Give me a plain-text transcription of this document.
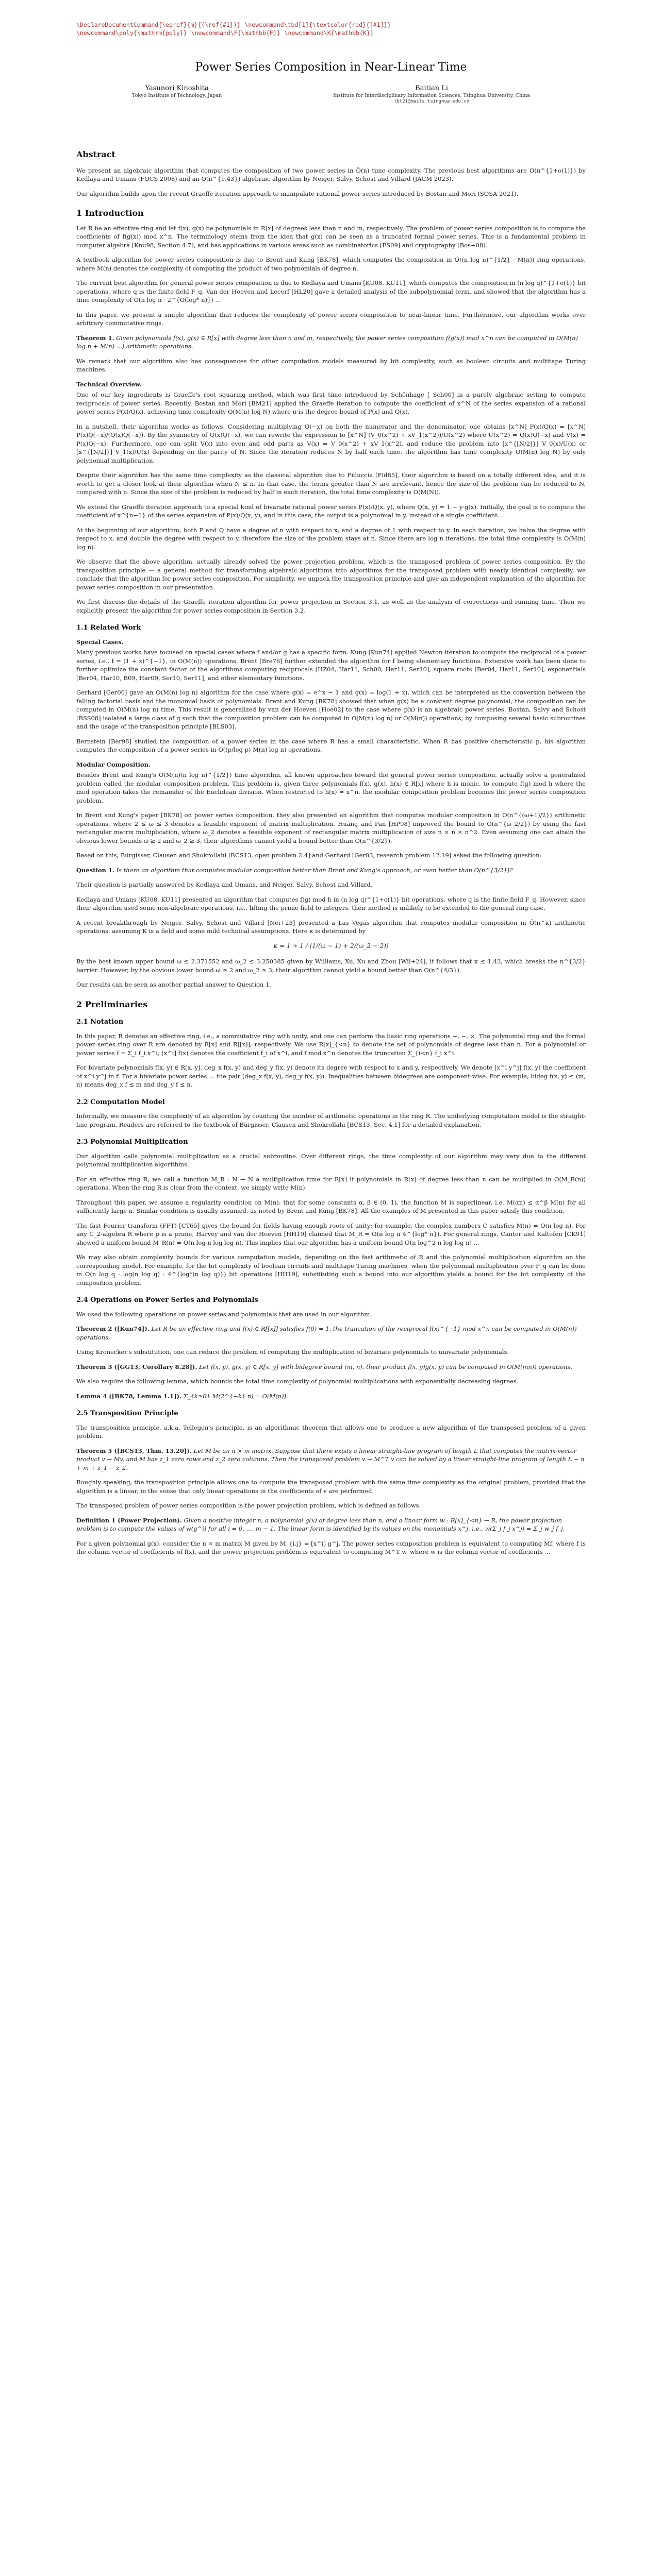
\DeclareDocumentCommand{\eqref}{m}{(\ref{#1})} \newcommand\tbd[1]{\textcolor{red}{[#1]}} \newcommand\poly{\mathrm{poly}} \newcommand\F{\mathbb{F}} \newcommand\K{\mathbb{K}}
Power Series Composition in Near-Linear Time
Yasunori Kinoshita
Tokyo Institute of Technology, Japan
Baitian Li
Institute for Interdisciplinary Information Sciences, Tsinghua University, China
lbt21@mails.tsinghua.edu.cn
Abstract

We present an algebraic algorithm that computes the composition of two power series in Õ(n) time complexity. The previous best algorithms are O(n^{1+o(1)}) by Kedlaya and Umans (FOCS 2008) and an O(n^{1.43}) algebraic algorithm by Neiger, Salvy, Schost and Villard (JACM 2023).

Our algorithm builds upon the recent Graeffe iteration approach to manipulate rational power series introduced by Bostan and Mori (SOSA 2021).

1 Introduction

Let R be an effective ring and let f(x), g(x) be polynomials in R[x] of degrees less than n and m, respectively. The problem of power series composition is to compute the coefficients of f(g(x)) mod x^n. The terminology stems from the idea that g(x) can be seen as a truncated formal power series. This is a fundamental problem in computer algebra [Knu98, Section 4.7], and has applications in various areas such as combinatorics [FS09] and cryptography [Bos+08].

A textbook algorithm for power series composition is due to Brent and Kung [BK78], which computes the composition in O((n log n)^{1/2} · M(n)) ring operations, where M(n) denotes the complexity of computing the product of two polynomials of degree n.

The current best algorithm for general power series composition is due to Kedlaya and Umans [KU08, KU11], which computes the composition in (n log q)^{1+o(1)} bit operations, where q is the finite field F_q. Van der Hoeven and Lecerf [HL20] gave a detailed analysis of the subpolynomial term, and showed that the algorithm has a time complexity of O(n log n · 2^{O(log* n)}) ...

In this paper, we present a simple algorithm that reduces the complexity of power series composition to near-linear time. Furthermore, our algorithm works over arbitrary commutative rings.

Theorem 1. Given polynomials f(x), g(x) ∈ R[x] with degree less than n and m, respectively, the power series composition f(g(x)) mod x^n can be computed in O(M(n) log n + M(n) ...) arithmetic operations.

We remark that our algorithm also has consequences for other computation models measured by bit complexity, such as boolean circuits and multitape Turing machines.

Technical Overview.

One of our key ingredients is Graeffe's root squaring method, which was first time introduced by Schönhage [ Sch00] in a purely algebraic setting to compute reciprocals of power series. Recently, Bostan and Mori [BM21] applied the Graeffe iteration to compute the coefficient of x^N of the series expansion of a rational power series P(x)/Q(x), achieving time complexity O(M(n) log N) where n is the degree bound of P(x) and Q(x).

In a nutshell, their algorithm works as follows. Considering multiplying Q(−x) on both the numerator and the denominator, one obtains [x^N] P(x)/Q(x) = [x^N] P(x)Q(−x)/(Q(x)Q(−x)). By the symmetry of Q(x)Q(−x), we can rewrite the expression to [x^N] (V_0(x^2) + xV_1(x^2))/U(x^2) where U(x^2) = Q(x)Q(−x) and V(x) = P(x)Q(−x). Furthermore, one can split V(x) into even and odd parts as V(x) = V_0(x^2) + xV_1(x^2), and reduce the problem into [x^{⌊N/2⌋}] V_0(x)/U(x) or [x^{⌊N/2⌋}] V_1(x)/U(x) depending on the parity of N. Since the iteration reduces N by half each time, the algorithm has time complexity O(M(n) log N) by only polynomial multiplication.

Despite their algorithm has the same time complexity as the classical algorithm due to Fiduccia [Fid85], their algorithm is based on a totally different idea, and it is worth to get a closer look at their algorithm when N ≤ n. In that case, the terms greater than N are irrelevant, hence the size of the problem can be reduced to N, compared with n. Since the size of the problem is reduced by half in each iteration, the total time complexity is O(M(N)).

We extend the Graeffe iteration approach to a special kind of bivariate rational power series P(x)/Q(x, y), where Q(x, y) = 1 − y·g(x). Initially, the goal is to compute the coefficient of x^{n−1} of the series expansion of P(x)/Q(x, y), and in this case, the output is a polynomial in y, instead of a single coefficient.

At the beginning of our algorithm, both P and Q have a degree of n with respect to x, and a degree of 1 with respect to y. In each iteration, we halve the degree with respect to x, and double the degree with respect to y, therefore the size of the problem stays at n. Since there are log n iterations, the total time complexity is O(M(n) log n).

We observe that the above algorithm, actually already solved the power projection problem, which is the transposed problem of power series composition. By the transposition principle — a general method for transforming algebraic algorithms into algorithms for the transposed problem with nearly identical complexity, we conclude that the algorithm for power series composition. For simplicity, we unpack the transposition principle and give an independent explanation of the algorithm for power series composition in our presentation.

We first discuss the details of the Graeffe iteration algorithm for power projection in Section 3.1, as well as the analysis of correctness and running time. Then we explicitly present the algorithm for power series composition in Section 3.2.

1.1 Related Work

Special Cases.

Many previous works have focused on special cases where f and/or g has a specific form. Kung [Kun74] applied Newton iteration to compute the reciprocal of a power series, i.e., f = (1 + x)^{−1}, in O(M(n)) operations. Brent [Bre76] further extended the algorithm for f being elementary functions. Extensive work has been done to further optimize the constant factor of the algorithms computing reciprocals [HZ04, Har11, Sch00, Har11, Ser10], square roots [Ber04, Har11, Ser10], exponentials [Ber04, Har10, B09, Har09, Ser10, Ser11], and other elementary functions.

Gerhard [Ger00] gave an O(M(n) log n) algorithm for the case where g(x) = e^x − 1 and g(x) = log(1 + x), which can be interpreted as the conversion between the falling factorial basis and the monomial basis of polynomials. Brent and Kung [BK78] showed that when g(x) be a constant degree polynomial, the composition can be computed in O(M(n) log n) time. This result is generalized by van der Hoeven [Hoe02] to the case where g(x) is an algebraic power series. Bostan, Salvy and Schost [BSS08] isolated a large class of g such that the composition problem can be computed in O(M(n) log n) or O(M(n)) operations, by composing several basic subroutines and the usage of the transposition principle [BLS03].

Bernstein [Ber98] studied the composition of a power series in the case where R has a small characteristic. When R has positive characteristic p, his algorithm computes the composition of a power series in O((p/log p) M(n) log n) operations.

Modular Composition.

Besides Brent and Kung's O(M(n)(n log n)^{1/2}) time algorithm, all known approaches toward the general power series composition, actually solve a generalized problem called the modular composition problem. This problem is, given three polynomials f(x), g(x), h(x) ∈ R[x] where h is monic, to compute f(g) mod h where the mod operation takes the remainder of the Euclidean division. When restricted to h(x) = x^n, the modular composition problem becomes the power series composition problem.

In Brent and Kung's paper [BK78] on power series composition, they also presented an algorithm that computes modular composition in O(n^{(ω+1)/2}) arithmetic operations, where 2 ≤ ω ≤ 3 denotes a feasible exponent of matrix multiplication. Huang and Pan [HP98] improved the bound to O(n^{ω_2/2}) by using the fast rectangular matrix multiplication, where ω_2 denotes a feasible exponent of rectangular matrix multiplication of size n × n × n^2. Even assuming one can attain the obvious lower bounds ω ≥ 2 and ω_2 ≥ 3, their algorithms cannot yield a bound better than O(n^{3/2}).

Based on this, Bürgisser, Clausen and Shokrollahi [BCS13, open problem 2.4] and Gerhard [Ger03, research problem 12.19] asked the following question:

Question 1. Is there an algorithm that computes modular composition better than Brent and Kung's approach, or even better than O(n^{3/2})?

Their question is partially answered by Kedlaya and Umans, and Neiger, Salvy, Schost and Villard.

Kedlaya and Umans [KU08, KU11] presented an algorithm that computes f(g) mod h in (n log q)^{1+o(1)} bit operations, where q is the finite field F_q. However, since their algorithm used some non-algebraic operations, i.e., lifting the prime field to integers, their method is unlikely to be extended to the general ring case.

A recent breakthrough by Neiger, Salvy, Schost and Villard [Nei+23] presented a Las Vegas algorithm that computes modular composition in Õ(n^κ) arithmetic operations, assuming K is a field and some mild technical assumptions. Here κ is determined by

κ = 1 + 1 / (1/(ω − 1) + 2/(ω_2 − 2))

By the best known upper bound ω ≤ 2.371552 and ω_2 ≤ 3.250385 given by Williams, Xu, Xu and Zhou [Wil+24], it follows that κ ≤ 1.43, which breaks the n^{3/2} barrier. However, by the obvious lower bound ω ≥ 2 and ω_2 ≥ 3, their algorithm cannot yield a bound better than O(n^{4/3}).

Our results can be seen as another partial answer to Question 1.

2 Preliminaries
2.1 Notation

In this paper, R denotes an effective ring, i.e., a commutative ring with unity, and one can perform the basic ring operations +, −, ×. The polynomial ring and the formal power series ring over R are denoted by R[x] and R[[x]], respectively. We use R[x]_{<n} to denote the set of polynomials of degree less than n. For a polynomial or power series f = Σ_i f_i x^i, [x^i] f(x) denotes the coefficient f_i of x^i, and f mod x^n denotes the truncation Σ_{i<n} f_i x^i.

For bivariate polynomials f(x, y) ∈ R[x, y], deg_x f(x, y) and deg_y f(x, y) denote its degree with respect to x and y, respectively. We denote [x^i y^j] f(x, y) the coefficient of x^i y^j in f. For a bivariate power series ... the pair (deg_x f(x, y), deg_y f(x, y)). Inequalities between bidegrees are component-wise. For example, bideg f(x, y) ≤ (m, n) means deg_x f ≤ m and deg_y f ≤ n.

2.2 Computation Model

Informally, we measure the complexity of an algorithm by counting the number of arithmetic operations in the ring R. The underlying computation model is the straight-line program. Readers are referred to the textbook of Bürgisser, Clausen and Shokrollahi [BCS13, Sec. 4.1] for a detailed explanation.

2.3 Polynomial Multiplication

Our algorithm calls polynomial multiplication as a crucial subroutine. Over different rings, the time complexity of our algorithm may vary due to the different polynomial multiplication algorithms.

For an effective ring R, we call a function M_R : N → N a multiplication time for R[x] if polynomials in R[x] of degree less than n can be multiplied in O(M_R(n)) operations. When the ring R is clear from the context, we simply write M(n).

Throughout this paper, we assume a regularity condition on M(n): that for some constants α, β ∈ (0, 1), the function M is superlinear, i.e. M(αn) ≤ α^β M(n) for all sufficiently large n. Similar condition is usually assumed, as noted by Brent and Kung [BK78]. All the examples of M presented in this paper satisfy this condition.

The fast Fourier transform (FFT) [CT65] gives the bound for fields having enough roots of unity; for example, the complex numbers C satisfies M(n) = O(n log n). For any C_2-algebra R where p is a prime, Harvey and van der Hoeven [HH19] claimed that M_R = O(n log n 4^{log* n}). For general rings, Cantor and Kaltofen [CK91] showed a uniform bound M_R(n) = O(n log n log log n). This implies that our algorithm has a uniform bound O(n log^2 n log log n) ...

We may also obtain complexity bounds for various computation models, depending on the fast arithmetic of R and the polynomial multiplication algorithm on the corresponding model. For example, for the bit complexity of boolean circuits and multitape Turing machines, when the polynomial multiplication over F_q can be done in O(n log q · log(n log q) · 4^{log*(n log q)}) bit operations [HH19], substituting such a bound into our algorithm yields a bound for the bit complexity of the composition problem.

2.4 Operations on Power Series and Polynomials

We used the following operations on power series and polynomials that are used in our algorithm.

Theorem 2 ([Kun74]). Let R be an effective ring and f(x) ∈ R[[x]] satisfies f(0) = 1, the truncation of the reciprocal f(x)^{−1} mod x^n can be computed in O(M(n)) operations.

Using Kronecker's substitution, one can reduce the problem of computing the multiplication of bivariate polynomials to univariate polynomials.

Theorem 3 ([GG13, Corollary 8.28]). Let f(x, y), g(x, y) ∈ R[x, y] with bidegree bound (m, n), their product f(x, y)g(x, y) can be computed in O(M(mn)) operations.

We also require the following lemma, which bounds the total time complexity of polynomial multiplications with exponentially decreasing degrees.

Lemma 4 ([BK78, Lemma 1.1]). Σ_{k≥0} M(2^{−k} n) = O(M(n)).
2.5 Transposition Principle

The transposition principle, a.k.a. Tellegen's principle, is an algorithmic theorem that allows one to produce a new algorithm of the transposed problem of a given problem.

Theorem 5 ([BCS13, Thm. 13.20]). Let M be an n × m matrix. Suppose that there exists a linear straight-line program of length L that computes the matrix-vector product v → Mv, and M has z_1 zero rows and z_2 zero columns. Then the transposed problem v → M^T v can be solved by a linear straight-line program of length L − n + m + z_1 − z_2.

Roughly speaking, the transposition principle allows one to compute the transposed problem with the same time complexity as the original problem, provided that the algorithm is a linear, in the sense that only linear operations in the coefficients of v are performed.

The transposed problem of power series composition is the power projection problem, which is defined as follows.

Definition 1 (Power Projection). Given a positive integer n, a polynomial g(x) of degree less than n, and a linear form w : R[x]_{<n} → R, the power projection problem is to compute the values of w(g^i) for all i = 0, ..., m − 1. The linear form is identified by its values on the monomials x^j, i.e., w(Σ_j f_j x^j) = Σ_j w_j f_j.

For a given polynomial g(x), consider the n × m matrix M given by M_{i,j} = [x^i] g^j. The power series composition problem is equivalent to computing Mf, where f is the column vector of coefficients of f(x), and the power projection problem is equivalent to computing M^T w, where w is the column vector of coefficients ...
